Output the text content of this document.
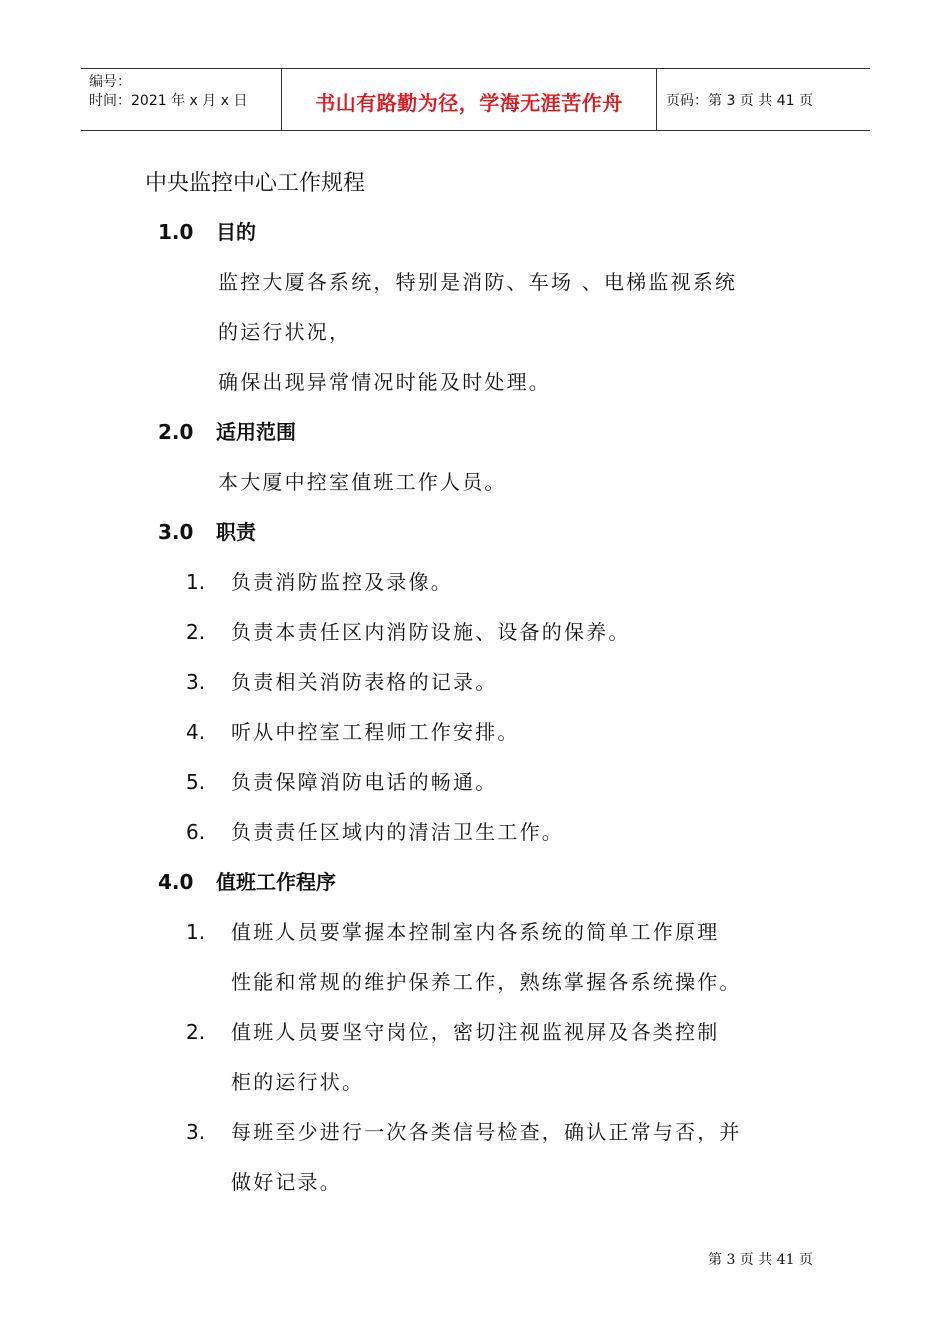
编号：
时间：2021 年 x 月 x 日	书山有路勤为径，学海无涯苦作舟	页码：第 3 页 共 41 页
中央监控中心工作规程
1.0 目的
监控大厦各系统，特别是消防、车场 、电梯监视系统
的运行状况，
确保出现异常情况时能及时处理。
2.0 适用范围
本大厦中控室值班工作人员。
3.0 职责
1. 负责消防监控及录像。
2. 负责本责任区内消防设施、设备的保养。
3. 负责相关消防表格的记录。
4. 听从中控室工程师工作安排。
5. 负责保障消防电话的畅通。
6. 负责责任区域内的清洁卫生工作。
4.0 值班工作程序
1. 值班人员要掌握本控制室内各系统的简单工作原理
性能和常规的维护保养工作，熟练掌握各系统操作。
2. 值班人员要坚守岗位，密切注视监视屏及各类控制
柜的运行状。
3. 每班至少进行一次各类信号检查，确认正常与否，并
做好记录。
第 3 页 共 41 页
